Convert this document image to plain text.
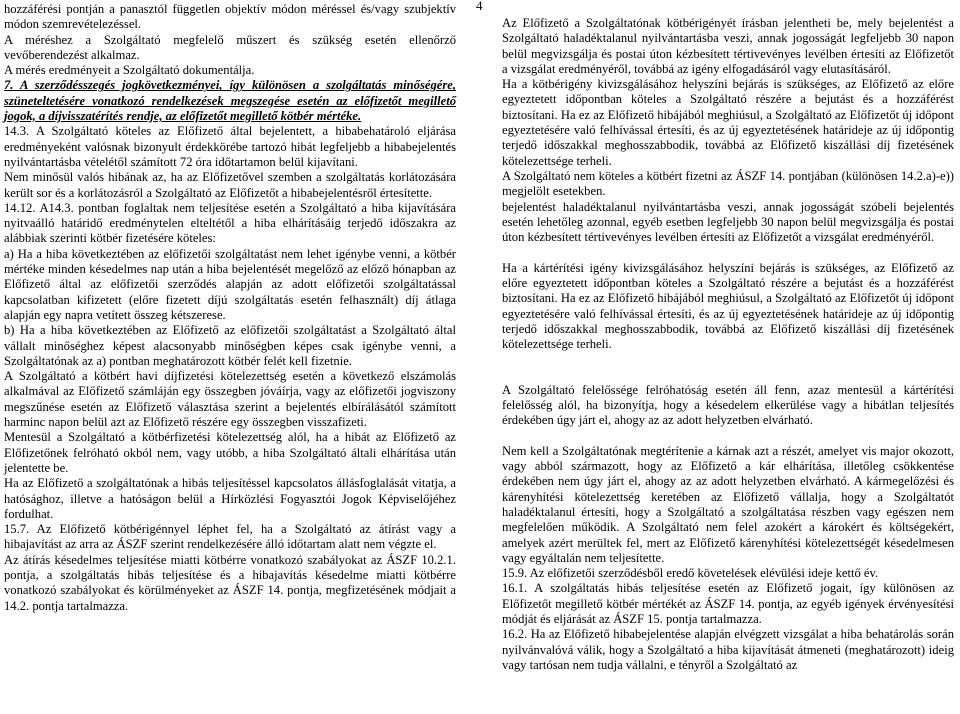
4

hozzáférési pontján a panasztól független objektív módon méréssel és/vagy szubjektív módon szemrevételezéssel.

A méréshez a Szolgáltató megfelelő műszert és szükség esetén ellenőrző vevőberendezést alkalmaz.

A mérés eredményeit a Szolgáltató dokumentálja.

7. A szerződésszegés jogkövetkezményei, így különösen a szolgáltatás minőségére, szüneteltetésére vonatkozó rendelkezések megszegése esetén az előfizetőt megillető jogok, a díjvisszatérítés rendje, az előfizetőt megillető kötbér mértéke.

14.3. A Szolgáltató köteles az Előfizető által bejelentett, a hibabehatároló eljárása eredményeként valósnak bizonyult érdekkörébe tartozó hibát legfeljebb a hibabejelentés nyilvántartásba vételétől számított 72 óra időtartamon belül kijavítani.

Nem minősül valós hibának az, ha az Előfizetővel szemben a szolgáltatás korlátozására került sor és a korlátozásról a Szolgáltató az Előfizetőt a hibabejelentésről értesítette.

14.12. A14.3. pontban foglaltak nem teljesítése esetén a Szolgáltató a hiba kijavítására nyitvaálló határidő eredménytelen elteltétől a hiba elhárításáig terjedő időszakra az alábbiak szerinti kötbér fizetésére köteles:

a) Ha a hiba következtében az előfizetői szolgáltatást nem lehet igénybe venni, a kötbér mértéke minden késedelmes nap után a hiba bejelentését megelőző az előző hónapban az Előfizető által az előfizetői szerződés alapján az adott előfizetői szolgáltatással kapcsolatban kifizetett (előre fizetett díjú szolgáltatás esetén felhasznált) díj átlaga alapján egy napra vetített összeg kétszerese.

b) Ha a hiba következtében az Előfizető az előfizetői szolgáltatást a Szolgáltató által vállalt minőséghez képest alacsonyabb minőségben képes csak igénybe venni, a Szolgáltatónak az a) pontban meghatározott kötbér felét kell fizetnie.

A Szolgáltató a kötbért havi díjfizetési kötelezettség esetén a következő elszámolás alkalmával az Előfizető számláján egy összegben jóváírja, vagy az előfizetői jogviszony megszűnése esetén az Előfizető választása szerint a bejelentés elbírálásától számított harminc napon belül azt az Előfizető részére egy összegben visszafizeti.

Mentesül a Szolgáltató a kötbérfizetési kötelezettség alól, ha a hibát az Előfizető az Előfizetőnek felróható okból nem, vagy utóbb, a hiba Szolgáltató általi elhárítása után jelentette be.

Ha az Előfizető a szolgáltatónak a hibás teljesítéssel kapcsolatos állásfoglalását vitatja, a hatósághoz, illetve a hatóságon belül a Hírközlési Fogyasztói Jogok Képviselőjéhez fordulhat.

15.7. Az Előfizető kötbérigénnyel léphet fel, ha a Szolgáltató az átírást vagy a hibajavítást az arra az ÁSZF szerint rendelkezésére álló időtartam alatt nem végzte el.

Az átírás késedelmes teljesítése miatti kötbérre vonatkozó szabályokat az ÁSZF 10.2.1. pontja, a szolgáltatás hibás teljesítése és a hibajavítás késedelme miatti kötbérre vonatkozó szabályokat és körülményeket az ÁSZF 14. pontja, megfizetésének módjait a 14.2. pontja tartalmazza.

Az Előfizető a Szolgáltatónak kötbérigényét írásban jelentheti be, mely bejelentést a Szolgáltató haladéktalanul nyilvántartásba veszi, annak jogosságát legfeljebb 30 napon belül megvizsgálja és postai úton kézbesített tértivevényes levélben értesíti az Előfizetőt a vizsgálat eredményéről, továbbá az igény elfogadásáról vagy elutasításáról.

Ha a kötbérigény kivizsgálásához helyszíni bejárás is szükséges, az Előfizető az előre egyeztetett időpontban köteles a Szolgáltató részére a bejutást és a hozzáférést biztosítani. Ha ez az Előfizető hibájából meghiúsul, a Szolgáltató az Előfizetőt új időpont egyeztetésére való felhívással értesíti, és az új egyeztetésének határideje az új időpontig terjedő időszakkal meghosszabbodik, továbbá az Előfizető kiszállási díj fizetésének kötelezettsége terheli.

A Szolgáltató nem köteles a kötbért fizetni az ÁSZF 14. pontjában (különösen 14.2.a)-e)) megjelölt esetekben.

bejelentést haladéktalanul nyilvántartásba veszi, annak jogosságát szóbeli bejelentés esetén lehetőleg azonnal, egyéb esetben legfeljebb 30 napon belül megvizsgálja és postai úton kézbesített tértivevényes levélben értesíti az Előfizetőt a vizsgálat eredményéről.

Ha a kártérítési igény kivizsgálásához helyszíni bejárás is szükséges, az Előfizető az előre egyeztetett időpontban köteles a Szolgáltató részére a bejutást és a hozzáférést biztosítani. Ha ez az Előfizető hibájából meghiúsul, a Szolgáltató az Előfizetőt új időpont egyeztetésére való felhívással értesíti, és az új egyeztetésének határideje az új időpontig terjedő időszakkal meghosszabbodik, továbbá az Előfizető kiszállási díj fizetésének kötelezettsége terheli.

A Szolgáltató felelőssége felróhatóság esetén áll fenn, azaz mentesül a kártérítési felelősség alól, ha bizonyítja, hogy a késedelem elkerülése vagy a hibátlan teljesítés érdekében úgy járt el, ahogy az az adott helyzetben elvárható.

Nem kell a Szolgáltatónak megtérítenie a kárnak azt a részét, amelyet vis major okozott, vagy abból származott, hogy az Előfizető a kár elhárítása, illetőleg csökkentése érdekében nem úgy járt el, ahogy az az adott helyzetben elvárható. A kármegelőzési és kárenyhítési kötelezettség keretében az Előfizető vállalja, hogy a Szolgáltatót haladéktalanul értesíti, hogy a Szolgáltató a szolgáltatása részben vagy egészen nem megfelelően működik. A Szolgáltató nem felel azokért a károkért és költségekért, amelyek azért merültek fel, mert az Előfizető kárenyhítési kötelezettségét késedelmesen vagy egyáltalán nem teljesítette.

15.9. Az előfizetői szerződésből eredő követelések elévülési ideje kettő év.

16.1. A szolgáltatás hibás teljesítése esetén az Előfizető jogait, így különösen az Előfizetőt megillető kötbér mértékét az ÁSZF 14. pontja, az egyéb igények érvényesítési módját és eljárását az ÁSZF 15. pontja tartalmazza.

16.2. Ha az Előfizető hibabejelentése alapján elvégzett vizsgálat a hiba behatárolás során nyilvánvalóvá válik, hogy a Szolgáltató a hiba kijavítását átmeneti (meghatározott) ideig vagy tartósan nem tudja vállalni, e tényről a Szolgáltató az
